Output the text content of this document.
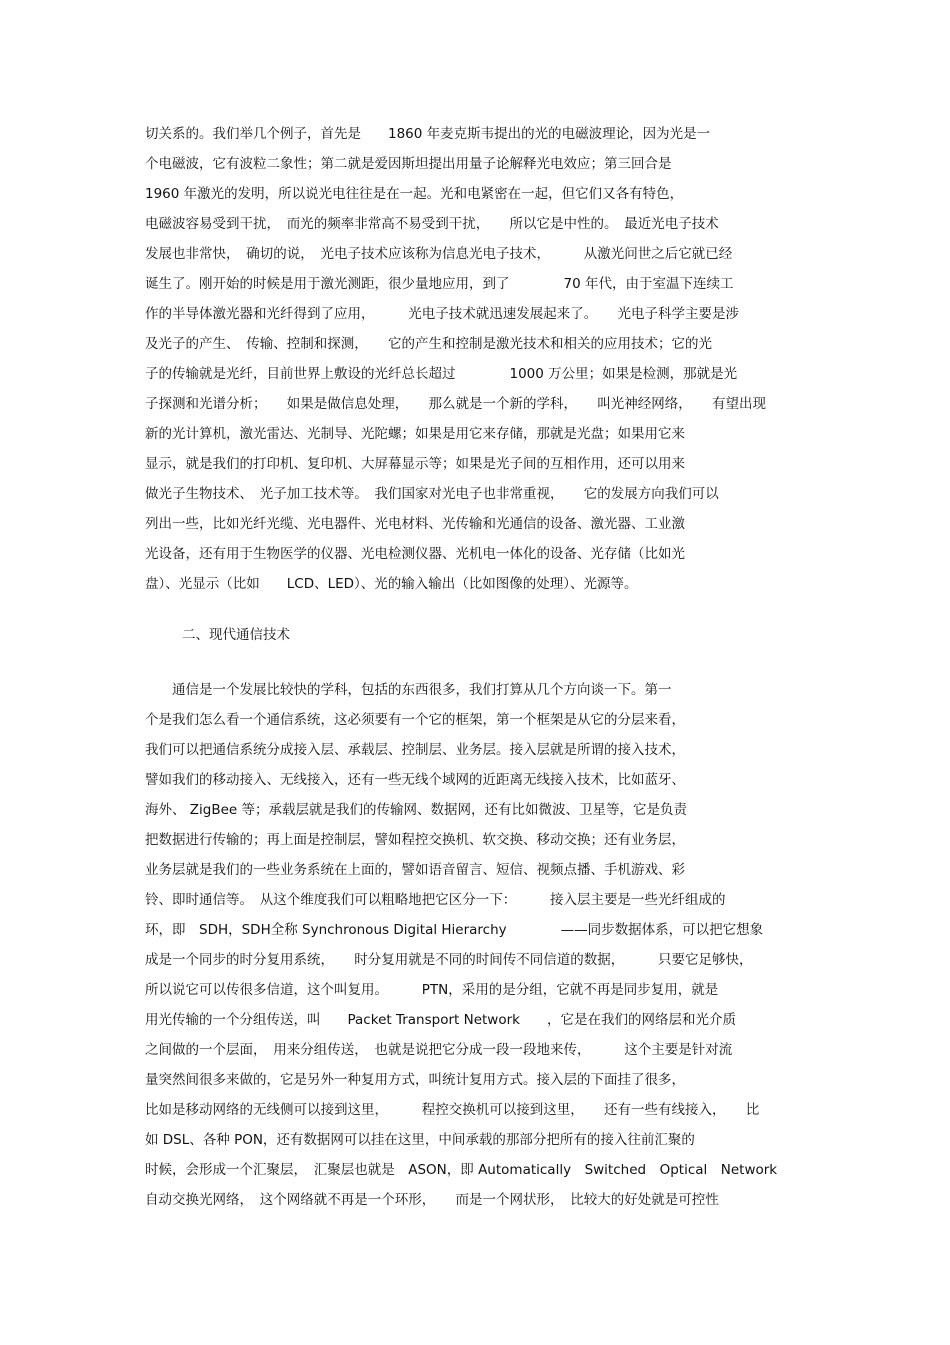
切关系的。我们举几个例子，首先是　　1860 年麦克斯韦提出的光的电磁波理论，因为光是一
个电磁波，它有波粒二象性；第二就是爱因斯坦提出用量子论解释光电效应；第三回合是
1960 年激光的发明，所以说光电往往是在一起。光和电紧密在一起，但它们又各有特色，
电磁波容易受到干扰，　而光的频率非常高不易受到干扰，　　所以它是中性的。　最近光电子技术
发展也非常快，　确切的说，　光电子技术应该称为信息光电子技术，　　　从激光问世之后它就已经
诞生了。刚开始的时候是用于激光测距，很少量地应用，到了　　　　70 年代，由于室温下连续工
作的半导体激光器和光纤得到了应用，　　　光电子技术就迅速发展起来了。　　光电子科学主要是涉
及光子的产生、　传输、控制和探测，　　它的产生和控制是激光技术和相关的应用技术；它的光
子的传输就是光纤，目前世界上敷设的光纤总长超过　　　　1000 万公里；如果是检测，那就是光
子探测和光谱分析；　　如果是做信息处理，　　那么就是一个新的学科，　　叫光神经网络，　　有望出现
新的光计算机，激光雷达、光制导、光陀螺；如果是用它来存储，那就是光盘；如果用它来
显示，就是我们的打印机、复印机、大屏幕显示等；如果是光子间的互相作用，还可以用来
做光子生物技术、　光子加工技术等。　我们国家对光电子也非常重视，　　它的发展方向我们可以
列出一些，比如光纤光缆、光电器件、光电材料、光传输和光通信的设备、激光器、工业激
光设备，还有用于生物医学的仪器、光电检测仪器、光机电一体化的设备、光存储（比如光
盘）、光显示（比如　　LCD、LED）、光的输入输出（比如图像的处理）、光源等。
二、现代通信技术
　　通信是一个发展比较快的学科，包括的东西很多，我们打算从几个方向谈一下。第一
个是我们怎么看一个通信系统，这必须要有一个它的框架，第一个框架是从它的分层来看，
我们可以把通信系统分成接入层、承载层、控制层、业务层。接入层就是所谓的接入技术，
譬如我们的移动接入、无线接入，还有一些无线个域网的近距离无线接入技术，比如蓝牙、
海外、 ZigBee 等；承载层就是我们的传输网、数据网，还有比如微波、卫星等，它是负责
把数据进行传输的；再上面是控制层，譬如程控交换机、软交换、移动交换；还有业务层，
业务层就是我们的一些业务系统在上面的，譬如语音留言、短信、视频点播、手机游戏、彩
铃、即时通信等。　从这个维度我们可以粗略地把它区分一下：　　　接入层主要是一些光纤组成的
环，即　SDH，SDH全称 Synchronous Digital Hierarchy　　　　——同步数据体系，可以把它想象
成是一个同步的时分复用系统，　　时分复用就是不同的时间传不同信道的数据，　　　只要它足够快，
所以说它可以传很多信道，这个叫复用。　　　PTN，采用的是分组，它就不再是同步复用，就是
用光传输的一个分组传送，叫　　Packet Transport Network　　，它是在我们的网络层和光介质
之间做的一个层面，　用来分组传送，　也就是说把它分成一段一段地来传，　　　这个主要是针对流
量突然间很多来做的，它是另外一种复用方式，叫统计复用方式。接入层的下面挂了很多，
比如是移动网络的无线侧可以接到这里，　　　程控交换机可以接到这里，　　还有一些有线接入，　　比
如 DSL、各种 PON，还有数据网可以挂在这里，中间承载的那部分把所有的接入往前汇聚的
时候，会形成一个汇聚层，　汇聚层也就是　ASON，即 Automatically　Switched　Optical　Network
自动交换光网络，　这个网络就不再是一个环形，　　而是一个网状形，　比较大的好处就是可控性
